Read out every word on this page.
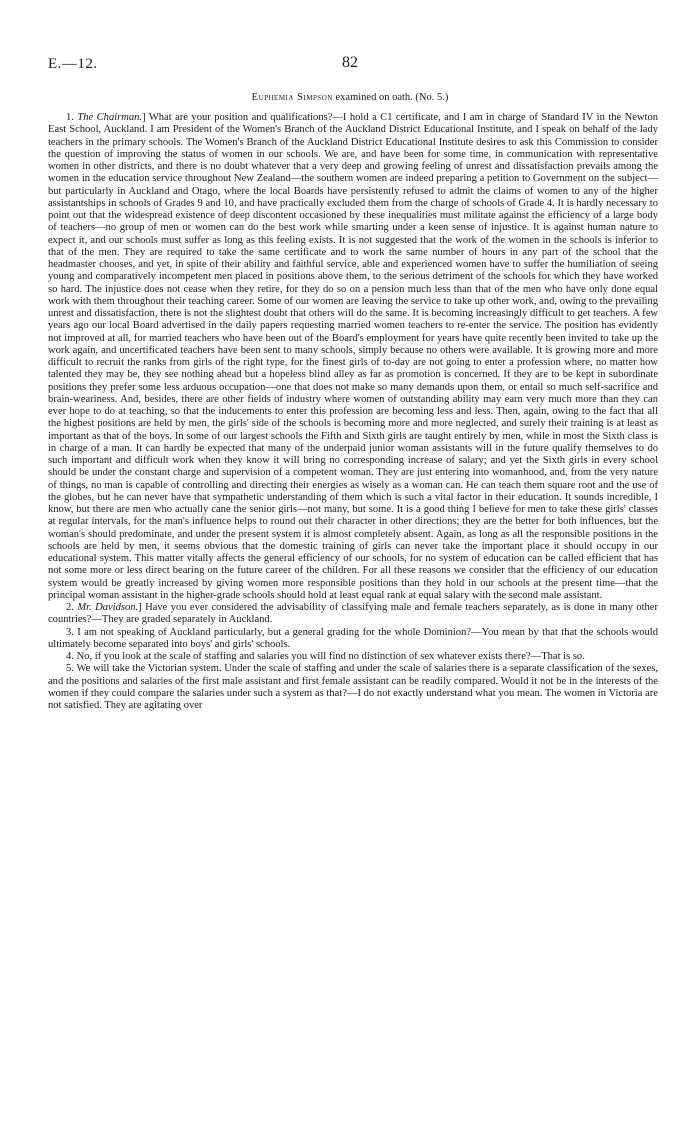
E.—12.	82
Euphemia Simpson examined on oath. (No. 5.)

1. The Chairman.] What are your position and qualifications?—I hold a C1 certificate, and I am in charge of Standard IV in the Newton East School, Auckland. I am President of the Women's Branch of the Auckland District Educational Institute, and I speak on behalf of the lady teachers in the primary schools. The Women's Branch of the Auckland District Educational Institute desires to ask this Commission to consider the question of improving the status of women in our schools. We are, and have been for some time, in communication with representative women in other districts, and there is no doubt whatever that a very deep and growing feeling of unrest and dissatisfaction prevails among the women in the education service throughout New Zealand—the southern women are indeed preparing a petition to Government on the subject—but particularly in Auckland and Otago, where the local Boards have persistently refused to admit the claims of women to any of the higher assistantships in schools of Grades 9 and 10, and have practically excluded them from the charge of schools of Grade 4. It is hardly necessary to point out that the widespread existence of deep discontent occasioned by these inequalities must militate against the efficiency of a large body of teachers—no group of men or women can do the best work while smarting under a keen sense of injustice. It is against human nature to expect it, and our schools must suffer as long as this feeling exists. It is not suggested that the work of the women in the schools is inferior to that of the men. They are required to take the same certificate and to work the same number of hours in any part of the school that the headmaster chooses, and yet, in spite of their ability and faithful service, able and experienced women have to suffer the humiliation of seeing young and comparatively incompetent men placed in positions above them, to the serious detriment of the schools for which they have worked so hard. The injustice does not cease when they retire, for they do so on a pension much less than that of the men who have only done equal work with them throughout their teaching career. Some of our women are leaving the service to take up other work, and, owing to the prevailing unrest and dissatisfaction, there is not the slightest doubt that others will do the same. It is becoming increasingly difficult to get teachers. A few years ago our local Board advertised in the daily papers requesting married women teachers to re-enter the service. The position has evidently not improved at all, for married teachers who have been out of the Board's employment for years have quite recently been invited to take up the work again, and uncertificated teachers have been sent to many schools, simply because no others were available. It is growing more and more difficult to recruit the ranks from girls of the right type, for the finest girls of to-day are not going to enter a profession where, no matter how talented they may be, they see nothing ahead but a hopeless blind alley as far as promotion is concerned. If they are to be kept in subordinate positions they prefer some less arduous occupation—one that does not make so many demands upon them, or entail so much self-sacrifice and brain-weariness. And, besides, there are other fields of industry where women of outstanding ability may earn very much more than they can ever hope to do at teaching, so that the inducements to enter this profession are becoming less and less. Then, again, owing to the fact that all the highest positions are held by men, the girls' side of the schools is becoming more and more neglected, and surely their training is at least as important as that of the boys. In some of our largest schools the Fifth and Sixth girls are taught entirely by men, while in most the Sixth class is in charge of a man. It can hardly be expected that many of the underpaid junior woman assistants will in the future qualify themselves to do such important and difficult work when they know it will bring no corresponding increase of salary; and yet the Sixth girls in every school should be under the constant charge and supervision of a competent woman. They are just entering into womanhood, and, from the very nature of things, no man is capable of controlling and directing their energies as wisely as a woman can. He can teach them square root and the use of the globes, but he can never have that sympathetic understanding of them which is such a vital factor in their education. It sounds incredible, I know, but there are men who actually cane the senior girls—not many, but some. It is a good thing I believe for men to take these girls' classes at regular intervals, for the man's influence helps to round out their character in other directions; they are the better for both influences, but the woman's should predominate, and under the present system it is almost completely absent. Again, as long as all the responsible positions in the schools are held by men, it seems obvious that the domestic training of girls can never take the important place it should occupy in our educational system. This matter vitally affects the general efficiency of our schools, for no system of education can be called efficient that has not some more or less direct bearing on the future career of the children. For all these reasons we consider that the efficiency of our education system would be greatly increased by giving women more responsible positions than they hold in our schools at the present time—that the principal woman assistant in the higher-grade schools should hold at least equal rank at equal salary with the second male assistant.

2. Mr. Davidson.] Have you ever considered the advisability of classifying male and female teachers separately, as is done in many other countries?—They are graded separately in Auckland.

3. I am not speaking of Auckland particularly, but a general grading for the whole Dominion?—You mean by that that the schools would ultimately become separated into boys' and girls' schools.

4. No, if you look at the scale of staffing and salaries you will find no distinction of sex whatever exists there?—That is so.

5. We will take the Victorian system. Under the scale of staffing and under the scale of salaries there is a separate classification of the sexes, and the positions and salaries of the first male assistant and first female assistant can be readily compared. Would it not be in the interests of the women if they could compare the salaries under such a system as that?—I do not exactly understand what you mean. The women in Victoria are not satisfied. They are agitating over
